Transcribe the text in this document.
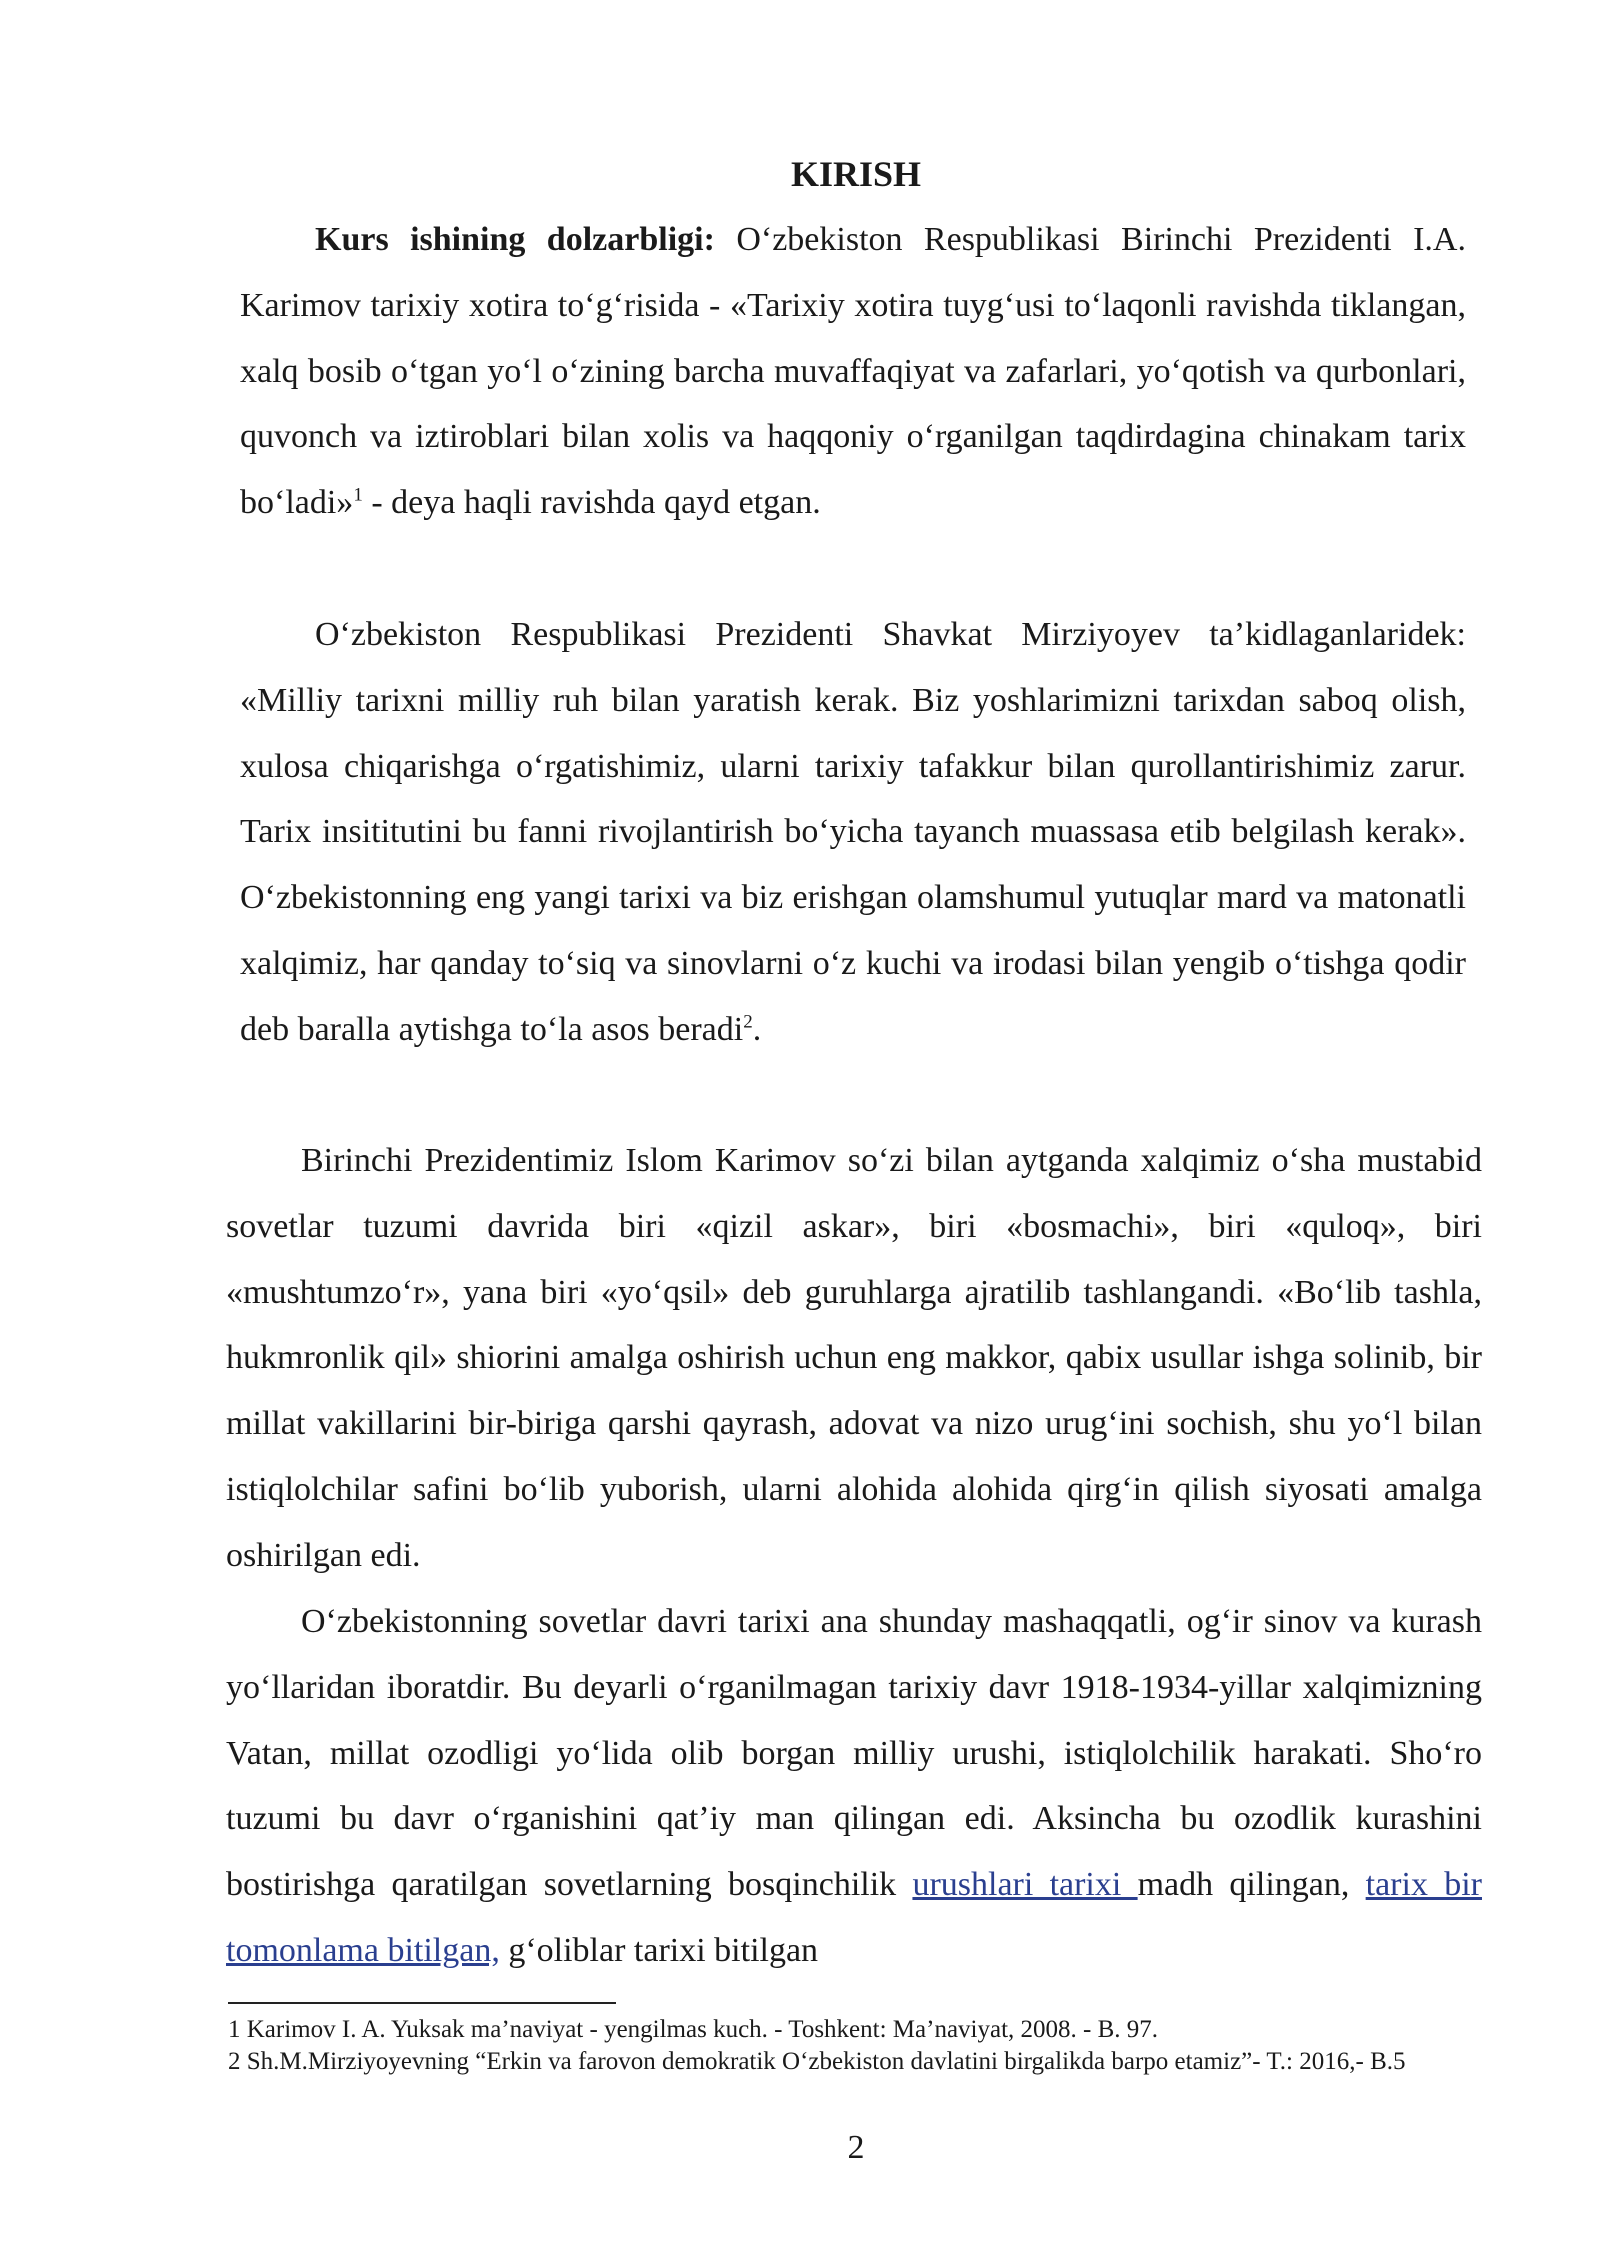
KIRISH

Kurs ishining dolzarbligi: O‘zbekiston Respublikasi Birinchi Prezidenti I.A. Karimov tarixiy xotira to‘g‘risida - «Tarixiy xotira tuyg‘usi to‘laqonli ravishda tiklangan, xalq bosib o‘tgan yo‘l o‘zining barcha muvaffaqiyat va zafarlari, yo‘qotish va qurbonlari, quvonch va iztiroblari bilan xolis va haqqoniy o‘rganilgan taqdirdagina chinakam tarix bo‘ladi»$^1$ - deya haqli ravishda qayd etgan.

O‘zbekiston Respublikasi Prezidenti Shavkat Mirziyoyev ta’kidlaganlaridek: «Milliy tarixni milliy ruh bilan yaratish kerak. Biz yoshlarimizni tarixdan saboq olish, xulosa chiqarishga o‘rgatishimiz, ularni tarixiy tafakkur bilan qurollantirishimiz zarur. Tarix insititutini bu fanni rivojlantirish bo‘yicha tayanch muassasa etib belgilash kerak». O‘zbekistonning eng yangi tarixi va biz erishgan olamshumul yutuqlar mard va matonatli xalqimiz, har qanday to‘siq va sinovlarni o‘z kuchi va irodasi bilan yengib o‘tishga qodir deb baralla aytishga to‘la asos beradi$^2$.

Birinchi Prezidentimiz Islom Karimov so‘zi bilan aytganda xalqimiz o‘sha mustabid sovetlar tuzumi davrida biri «qizil askar», biri «bosmachi», biri «quloq», biri «mushtumzo‘r», yana biri «yo‘qsil» deb guruhlarga ajratilib tashlangandi. «Bo‘lib tashla, hukmronlik qil» shiorini amalga oshirish uchun eng makkor, qabix usullar ishga solinib, bir millat vakillarini bir-biriga qarshi qayrash, adovat va nizo urug‘ini sochish, shu yo‘l bilan istiqlolchilar safini bo‘lib yuborish, ularni alohida alohida qirg‘in qilish siyosati amalga oshirilgan edi.

O‘zbekistonning sovetlar davri tarixi ana shunday mashaqqatli, og‘ir sinov va kurash yo‘llaridan iboratdir. Bu deyarli o‘rganilmagan tarixiy davr 1918-1934-yillar xalqimizning Vatan, millat ozodligi yo‘lida olib borgan milliy urushi, istiqlolchilik harakati. Sho‘ro tuzumi bu davr o‘rganishini qat’iy man qilingan edi. Aksincha bu ozodlik kurashini bostirishga qaratilgan sovetlarning bosqinchilik urushlari tarixi madh qilingan, tarix bir tomonlama bitilgan, g‘oliblar tarixi bitilgan

1 Karimov I. A. Yuksak ma’naviyat - yengilmas kuch. - Toshkent: Ma’naviyat, 2008. - B. 97.

2 Sh.M.Mirziyoyevning “Erkin va farovon demokratik O‘zbekiston davlatini birgalikda barpo etamiz”- T.: 2016,- B.5

2
